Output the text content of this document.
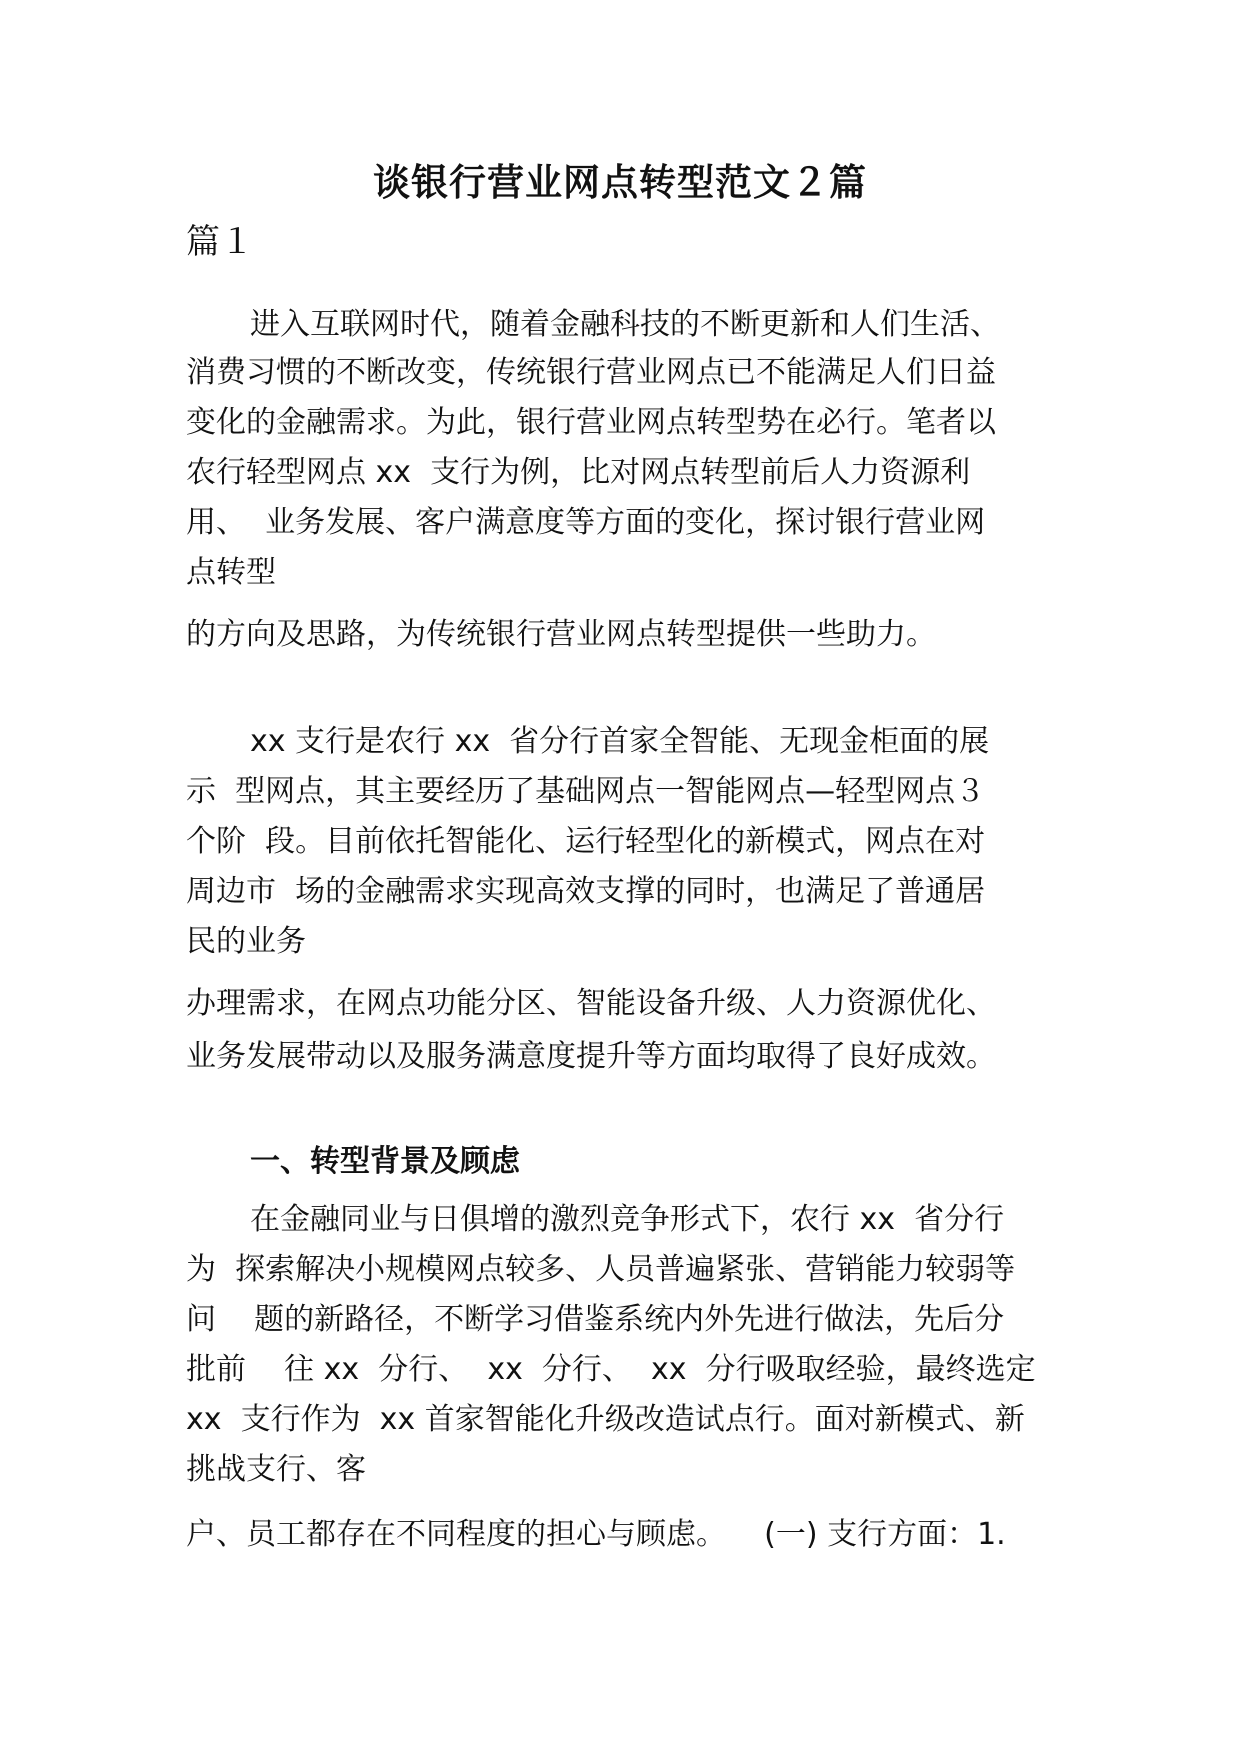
谈银行营业网点转型范文２篇
篇１
进入互联网时代，随着金融科技的不断更新和人们生活、
消费习惯的不断改变，传统银行营业网点已不能满足人们日益
变化的金融需求。为此，银行营业网点转型势在必行。笔者以
农行轻型网点 xx  支行为例，比对网点转型前后人力资源利
用、  业务发展、客户满意度等方面的变化，探讨银行营业网
点转型
的方向及思路，为传统银行营业网点转型提供一些助力。
xx 支行是农行 xx  省分行首家全智能、无现金柜面的展
示  型网点，其主要经历了基础网点一智能网点—轻型网点３
个阶  段。目前依托智能化、运行轻型化的新模式，网点在对
周边市  场的金融需求实现高效支撑的同时，也满足了普通居
民的业务
办理需求，在网点功能分区、智能设备升级、人力资源优化、
业务发展带动以及服务满意度提升等方面均取得了良好成效。
一、转型背景及顾虑
在金融同业与日俱增的激烈竞争形式下，农行 xx  省分行
为  探索解决小规模网点较多、人员普遍紧张、营销能力较弱等
问    题的新路径，不断学习借鉴系统内外先进行做法，先后分
批前    往 xx  分行、  xx  分行、  xx  分行吸取经验，最终选定
xx  支行作为  xx 首家智能化升级改造试点行。面对新模式、新
挑战支行、客
户、员工都存在不同程度的担心与顾虑。    (一) 支行方面：1.
